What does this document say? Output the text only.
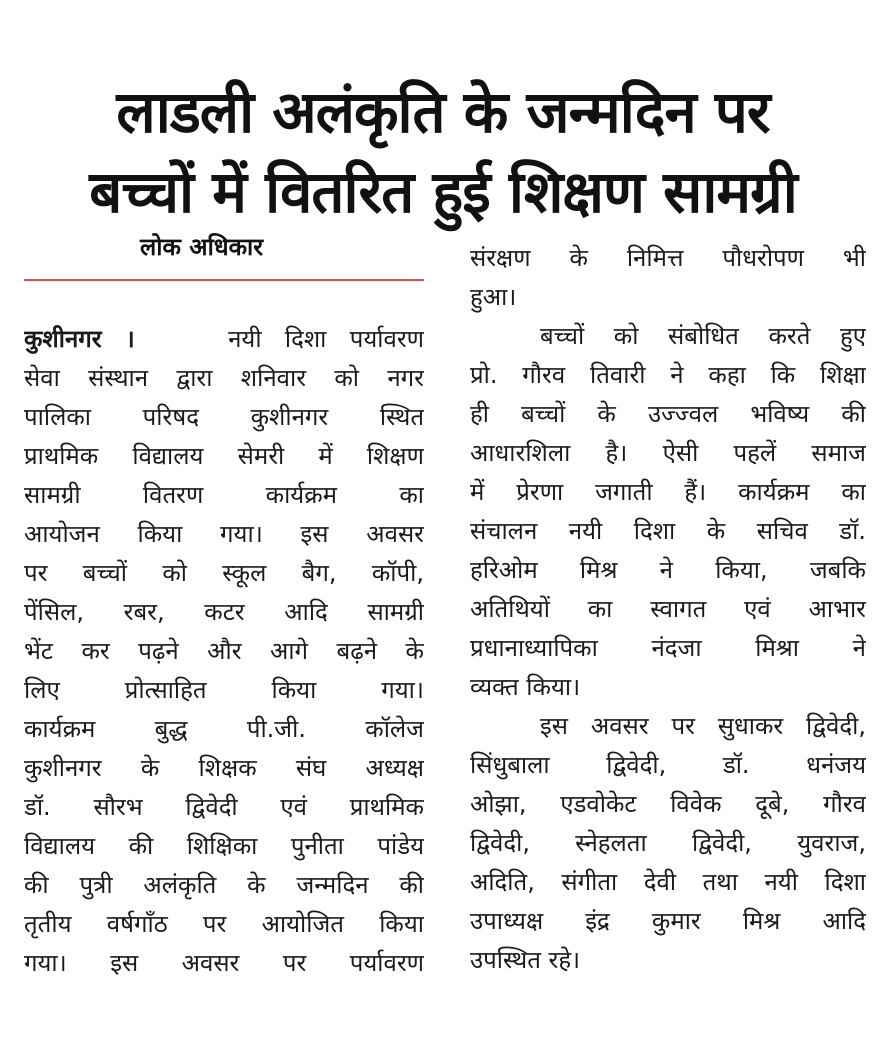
लाडली अलंकृति के जन्मदिन पर
बच्चों में वितरित हुई शिक्षण सामग्री
लोक अधिकार
कुशीनगर ।	नयी दिशा पर्यावरण
सेवा संस्थान द्वारा शनिवार को नगर
पालिका परिषद कुशीनगर स्थित
प्राथमिक विद्यालय सेमरी में शिक्षण
सामग्री वितरण कार्यक्रम का
आयोजन किया गया। इस अवसर
पर बच्चों को स्कूल बैग, कॉपी,
पेंसिल, रबर, कटर आदि सामग्री
भेंट कर पढ़ने और आगे बढ़ने के
लिए प्रोत्साहित किया गया।
कार्यक्रम बुद्ध पी.जी. कॉलेज
कुशीनगर के शिक्षक संघ अध्यक्ष
डॉ. सौरभ द्विवेदी एवं प्राथमिक
विद्यालय की शिक्षिका पुनीता पांडेय
की पुत्री अलंकृति के जन्मदिन की
तृतीय वर्षगाँठ पर आयोजित किया
गया। इस अवसर पर पर्यावरण
संरक्षण के निमित्त पौधरोपण भी
हुआ।
बच्चों को संबोधित करते हुए
प्रो. गौरव तिवारी ने कहा कि शिक्षा
ही बच्चों के उज्ज्वल भविष्य की
आधारशिला है। ऐसी पहलें समाज
में प्रेरणा जगाती हैं। कार्यक्रम का
संचालन नयी दिशा के सचिव डॉ.
हरिओम मिश्र ने किया, जबकि
अतिथियों का स्वागत एवं आभार
प्रधानाध्यापिका नंदजा मिश्रा ने
व्यक्त किया।
इस अवसर पर सुधाकर द्विवेदी,
सिंधुबाला द्विवेदी, डॉ. धनंजय
ओझा, एडवोकेट विवेक दूबे, गौरव
द्विवेदी, स्नेहलता द्विवेदी, युवराज,
अदिति, संगीता देवी तथा नयी दिशा
उपाध्यक्ष इंद्र कुमार मिश्र आदि
उपस्थित रहे।
